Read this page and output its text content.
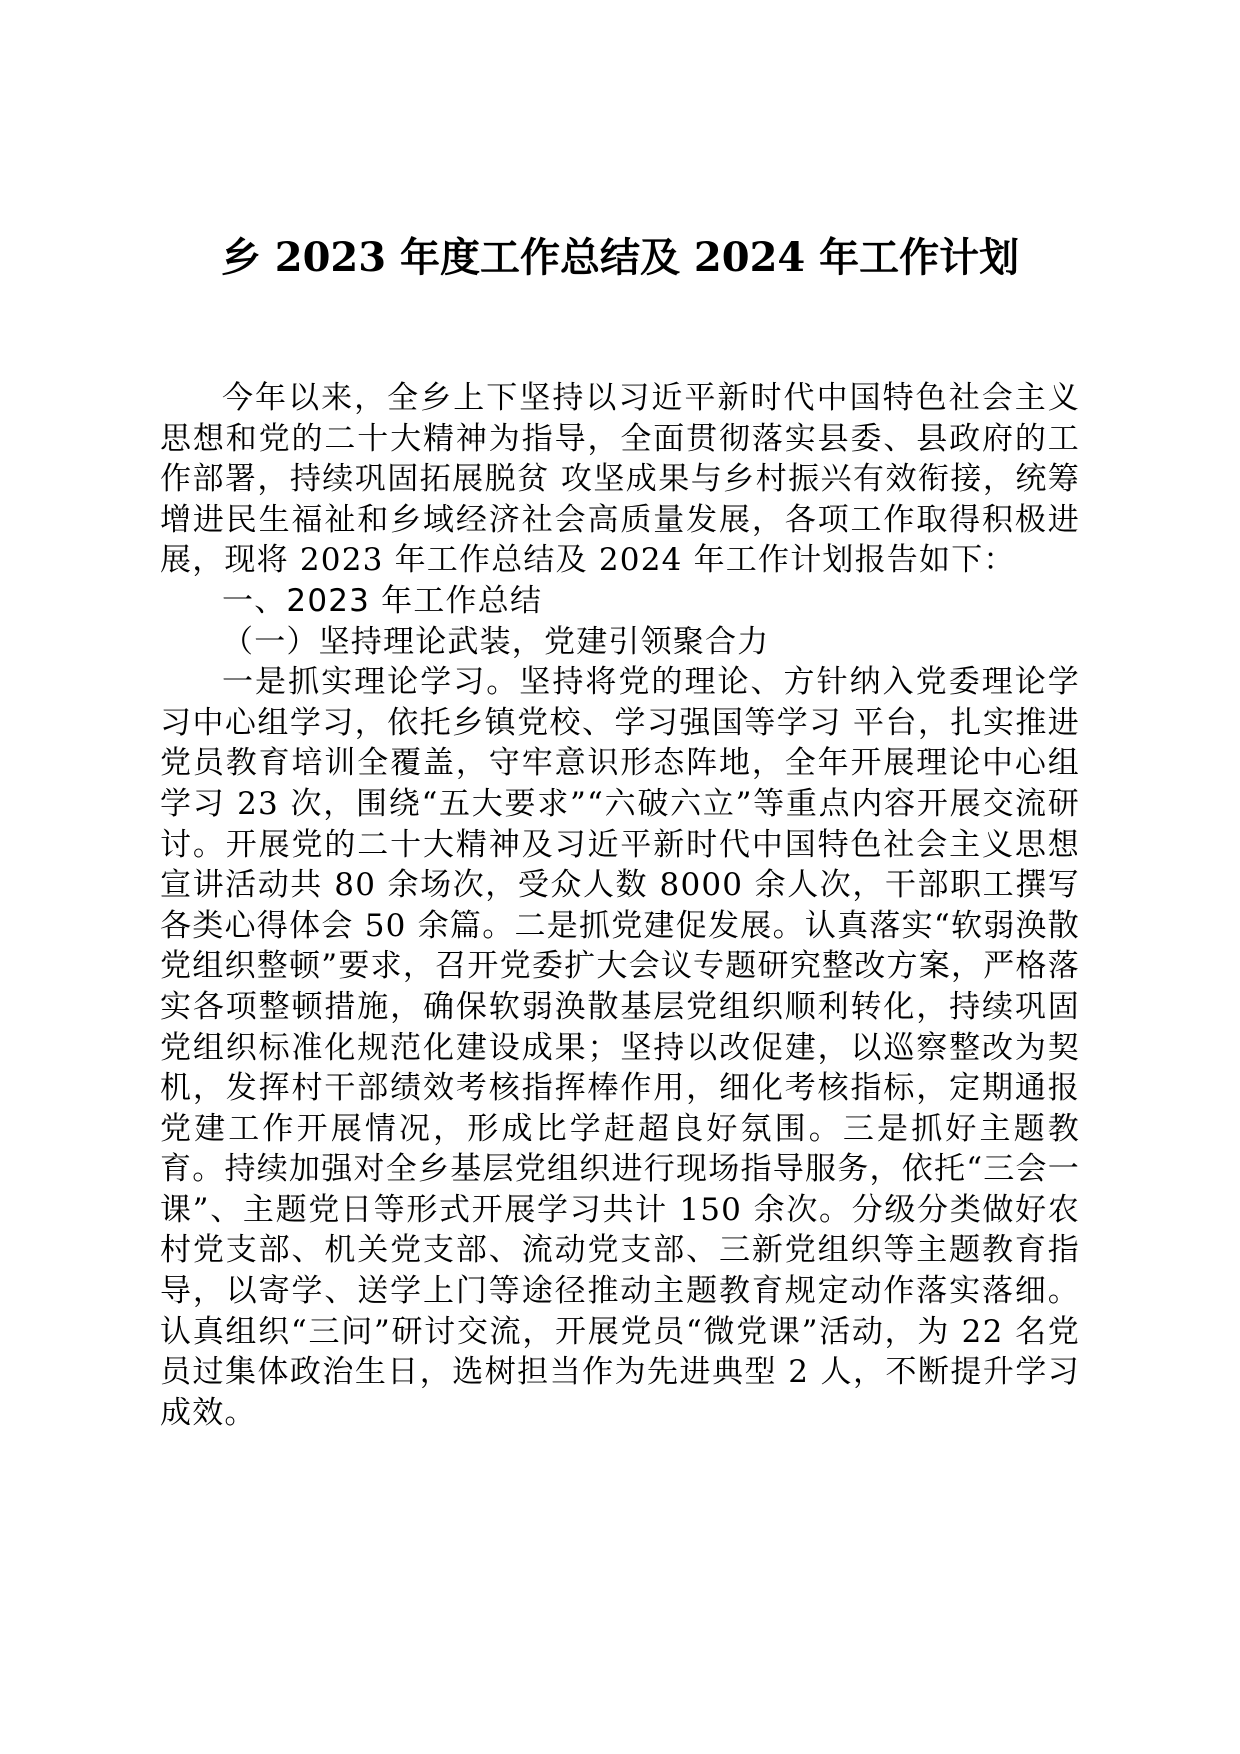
乡 2023 年度工作总结及 2024 年工作计划

今年以来，全乡上下坚持以习近平新时代中国特色社会主义思想和党的二十大精神为指导，全面贯彻落实县委、县政府的工作部署，持续巩固拓展脱贫 攻坚成果与乡村振兴有效衔接，统筹增进民生福祉和乡域经济社会高质量发展，各项工作取得积极进展，现将 2023 年工作总结及 2024 年工作计划报告如下：

一、2023 年工作总结

（一）坚持理论武装，党建引领聚合力

一是抓实理论学习。坚持将党的理论、方针纳入党委理论学习中心组学习，依托乡镇党校、学习强国等学习 平台，扎实推进党员教育培训全覆盖，守牢意识形态阵地，全年开展理论中心组学习 23 次，围绕“五大要求”“六破六立”等重点内容开展交流研讨。开展党的二十大精神及习近平新时代中国特色社会主义思想宣讲活动共 80 余场次，受众人数 8000 余人次，干部职工撰写各类心得体会 50 余篇。二是抓党建促发展。认真落实“软弱涣散党组织整顿”要求，召开党委扩大会议专题研究整改方案，严格落实各项整顿措施，确保软弱涣散基层党组织顺利转化，持续巩固党组织标准化规范化建设成果；坚持以改促建，以巡察整改为契机，发挥村干部绩效考核指挥棒作用，细化考核指标，定期通报党建工作开展情况，形成比学赶超良好氛围。三是抓好主题教育。持续加强对全乡基层党组织进行现场指导服务，依托“三会一课”、主题党日等形式开展学习共计 150 余次。分级分类做好农村党支部、机关党支部、流动党支部、三新党组织等主题教育指导，以寄学、送学上门等途径推动主题教育规定动作落实落细。认真组织“三问”研讨交流，开展党员“微党课”活动，为 22 名党员过集体政治生日，选树担当作为先进典型 2 人，不断提升学习成效。
